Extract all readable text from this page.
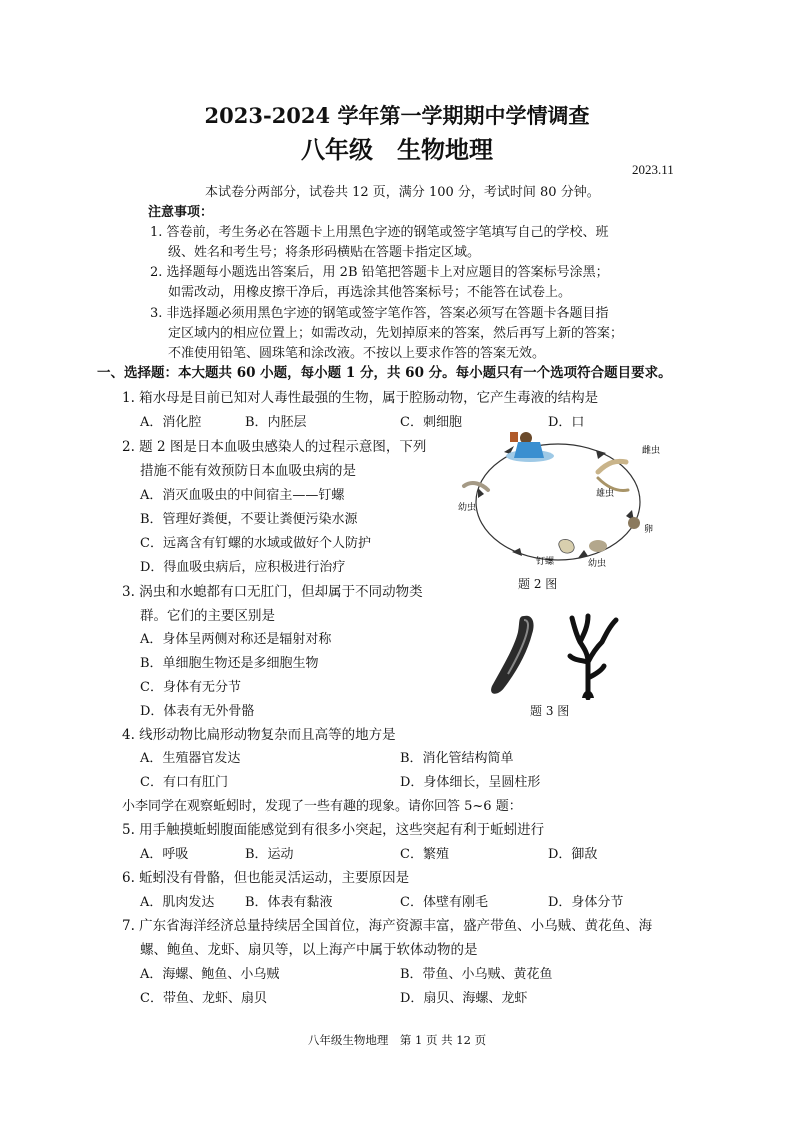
2023-2024 学年第一学期期中学情调查
八年级　生物地理
2023.11
本试卷分两部分，试卷共 12 页，满分 100 分，考试时间 80 分钟。
注意事项：
1. 答卷前，考生务必在答题卡上用黑色字迹的钢笔或签字笔填写自己的学校、班
级、姓名和考生号；将条形码横贴在答题卡指定区域。
2. 选择题每小题选出答案后，用 2B 铅笔把答题卡上对应题目的答案标号涂黑；
如需改动，用橡皮擦干净后，再选涂其他答案标号；不能答在试卷上。
3. 非选择题必须用黑色字迹的钢笔或签字笔作答，答案必须写在答题卡各题目指
定区域内的相应位置上；如需改动，先划掉原来的答案，然后再写上新的答案；
不准使用铅笔、圆珠笔和涂改液。不按以上要求作答的答案无效。
一、选择题：本大题共 60 小题，每小题 1 分，共 60 分。每小题只有一个选项符合题目要求。
1. 箱水母是目前已知对人毒性最强的生物，属于腔肠动物，它产生毒液的结构是
A．消化腔	B．内胚层	C．刺细胞	D．口
2. 题 2 图是日本血吸虫感染人的过程示意图，下列
措施不能有效预防日本血吸虫病的是
A．消灭血吸虫的中间宿主——钉螺
B．管理好粪便，不要让粪便污染水源
C．远离含有钉螺的水域或做好个人防护
D．得血吸虫病后，应积极进行治疗
雌虫
雄虫
卵
幼虫
钉螺
幼虫
题 2 图
3. 涡虫和水螅都有口无肛门，但却属于不同动物类
群。它们的主要区别是
A．身体呈两侧对称还是辐射对称
B．单细胞生物还是多细胞生物
C．身体有无分节
D．体表有无外骨骼	题 3 图
4. 线形动物比扁形动物复杂而且高等的地方是
A．生殖器官发达	B．消化管结构简单
C．有口有肛门	D．身体细长，呈圆柱形
小李同学在观察蚯蚓时，发现了一些有趣的现象。请你回答 5~6 题：
5. 用手触摸蚯蚓腹面能感觉到有很多小突起，这些突起有利于蚯蚓进行
A．呼吸	B．运动	C．繁殖	D．御敌
6. 蚯蚓没有骨骼，但也能灵活运动，主要原因是
A．肌肉发达 B．体表有黏液	C．体壁有刚毛	D．身体分节
7. 广东省海洋经济总量持续居全国首位，海产资源丰富，盛产带鱼、小乌贼、黄花鱼、海
螺、鲍鱼、龙虾、扇贝等，以上海产中属于软体动物的是
A．海螺、鲍鱼、小乌贼	B．带鱼、小乌贼、黄花鱼
C．带鱼、龙虾、扇贝	D．扇贝、海螺、龙虾
八年级生物地理　第 1 页 共 12 页
